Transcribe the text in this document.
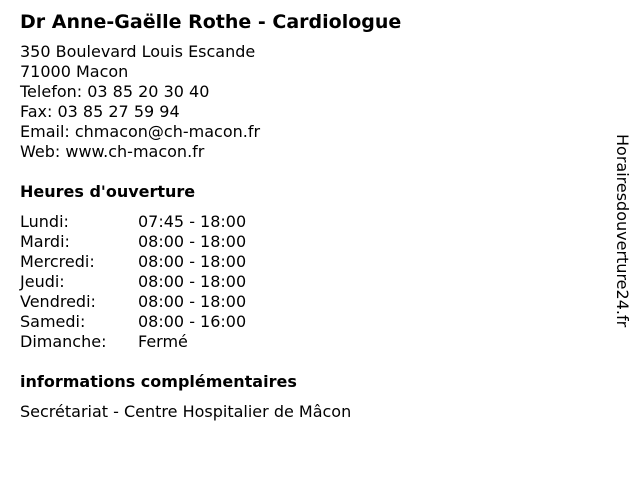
Dr Anne-Gaëlle Rothe - Cardiologue
350 Boulevard Louis Escande
71000 Macon
Telefon: 03 85 20 30 40
Fax: 03 85 27 59 94
Email: chmacon@ch-macon.fr
Web: www.ch-macon.fr
Heures d'ouverture
Lundi:	07:45 - 18:00
Mardi:	08:00 - 18:00
Mercredi:	08:00 - 18:00
Jeudi:	08:00 - 18:00
Vendredi:	08:00 - 18:00
Samedi:	08:00 - 16:00
Dimanche:	Fermé
informations complémentaires
Secrétariat - Centre Hospitalier de Mâcon
Horairesdouverture24.fr
